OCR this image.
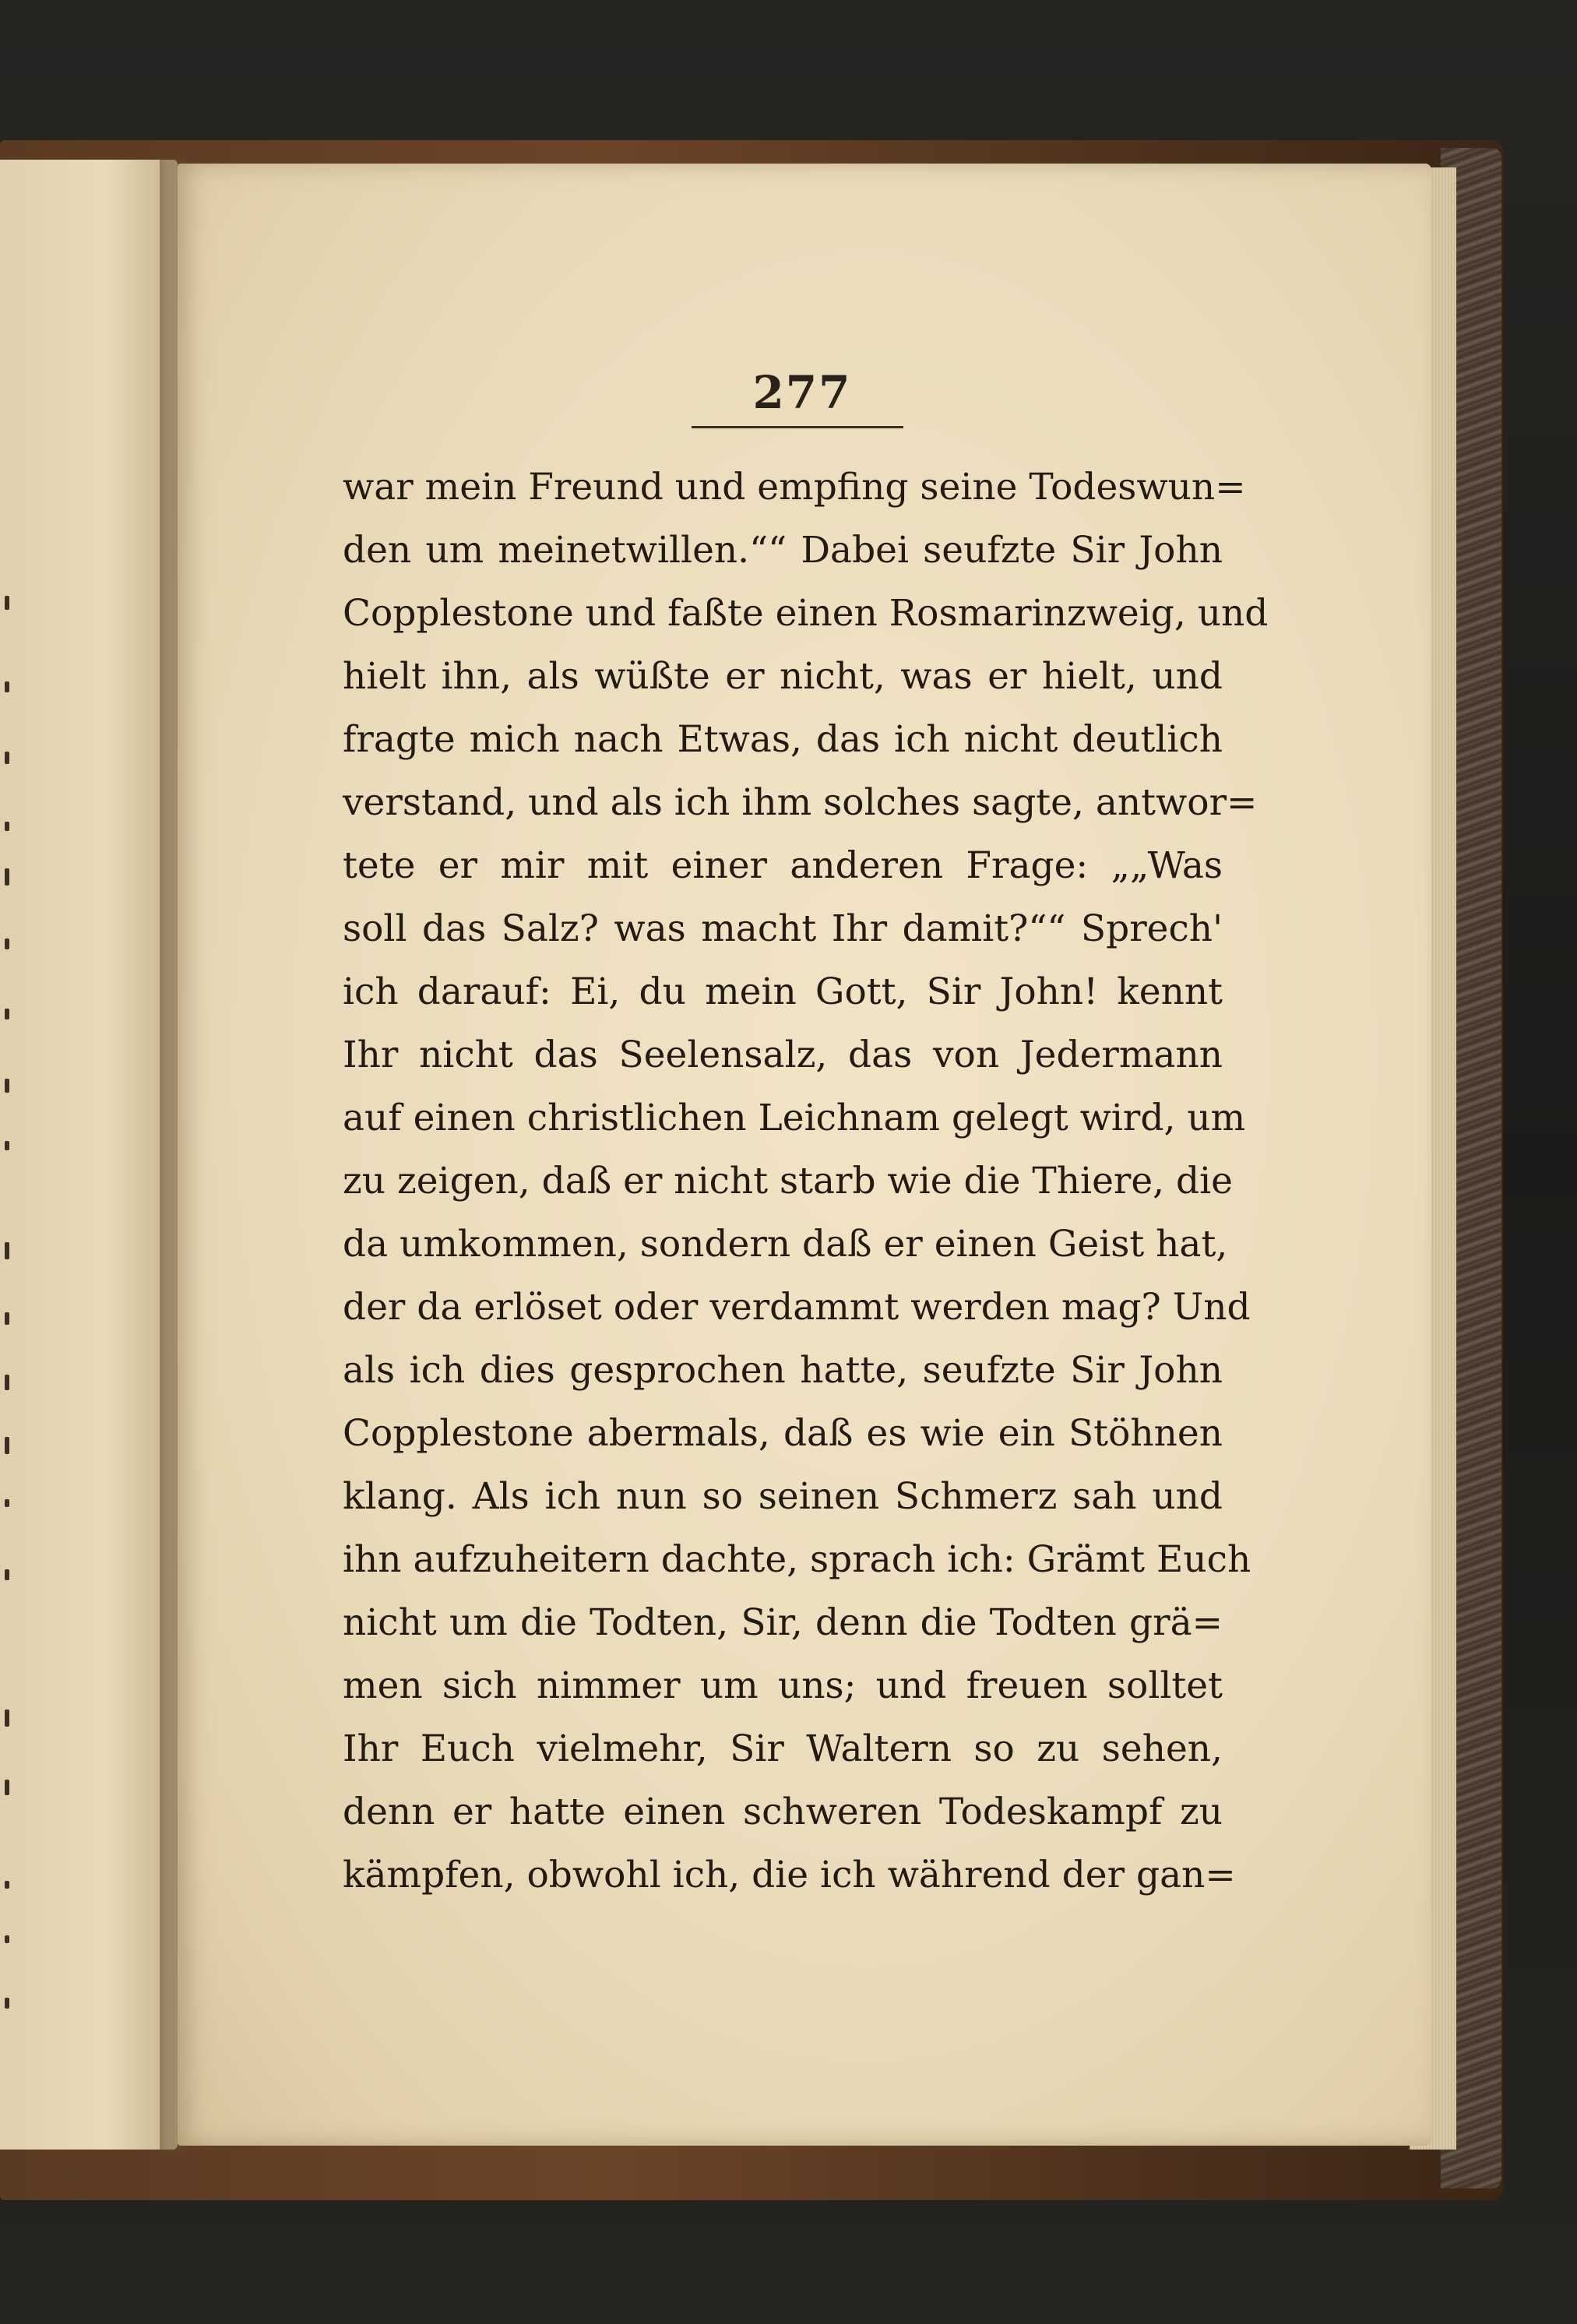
277
war mein Freund und empfing seine Todeswun=
den um meinetwillen.““ Dabei seufzte Sir John
Copplestone und faßte einen Rosmarinzweig, und
hielt ihn, als wüßte er nicht, was er hielt, und
fragte mich nach Etwas, das ich nicht deutlich
verstand, und als ich ihm solches sagte, antwor=
tete er mir mit einer anderen Frage: „„Was
soll das Salz? was macht Ihr damit?““ Sprech'
ich darauf: Ei, du mein Gott, Sir John! kennt
Ihr nicht das Seelensalz, das von Jedermann
auf einen christlichen Leichnam gelegt wird, um
zu zeigen, daß er nicht starb wie die Thiere, die
da umkommen, sondern daß er einen Geist hat,
der da erlöset oder verdammt werden mag? Und
als ich dies gesprochen hatte, seufzte Sir John
Copplestone abermals, daß es wie ein Stöhnen
klang. Als ich nun so seinen Schmerz sah und
ihn aufzuheitern dachte, sprach ich: Grämt Euch
nicht um die Todten, Sir, denn die Todten grä=
men sich nimmer um uns; und freuen solltet
Ihr Euch vielmehr, Sir Waltern so zu sehen,
denn er hatte einen schweren Todeskampf zu
kämpfen, obwohl ich, die ich während der gan=
